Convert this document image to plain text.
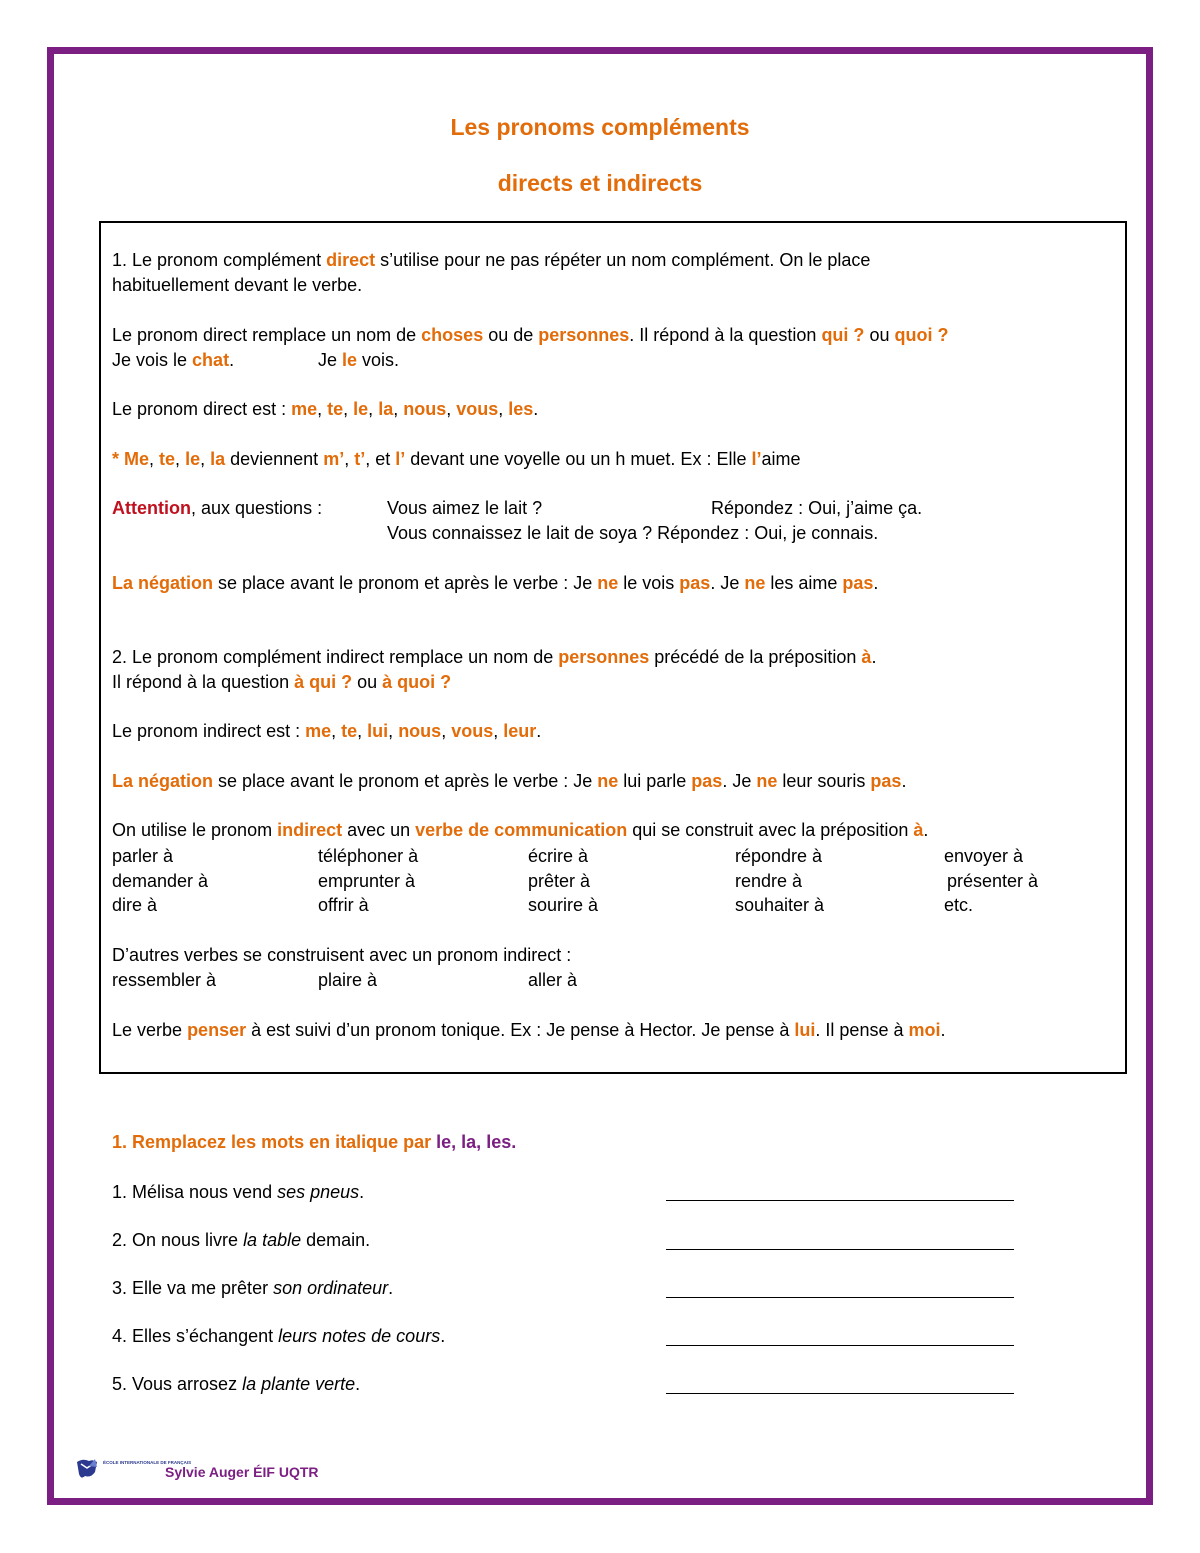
Les pronoms compléments
directs et indirects
1. Le pronom complément direct s’utilise pour ne pas répéter un nom complément. On le place
habituellement devant le verbe.
Le pronom direct remplace un nom de choses ou de personnes. Il répond à la question qui ? ou quoi ?
Je vois le chat.	Je le vois.
Le pronom direct est : me, te, le, la, nous, vous, les.
* Me, te, le, la deviennent m’, t’, et l’ devant une voyelle ou un h muet. Ex : Elle l’aime
Attention, aux questions :	Vous aimez le lait ?	Répondez : Oui, j’aime ça.
Vous connaissez le lait de soya ? Répondez : Oui, je connais.
La négation se place avant le pronom et après le verbe : Je ne le vois pas. Je ne les aime pas.
2. Le pronom complément indirect remplace un nom de personnes précédé de la préposition à.
Il répond à la question à qui ? ou à quoi ?
Le pronom indirect est : me, te, lui, nous, vous, leur.
La négation se place avant le pronom et après le verbe : Je ne lui parle pas. Je ne leur souris pas.
On utilise le pronom indirect avec un verbe de communication qui se construit avec la préposition à.
parler à	téléphoner à	écrire à	répondre à	envoyer à
demander à	emprunter à	prêter à	rendre à	présenter à
dire à	offrir à	sourire à	souhaiter à	etc.
D’autres verbes se construisent avec un pronom indirect :
ressembler à	plaire à	aller à
Le verbe penser à est suivi d’un pronom tonique. Ex : Je pense à Hector. Je pense à lui. Il pense à moi.
1. Remplacez les mots en italique par le, la, les.
1. Mélisa nous vend ses pneus.
2. On nous livre la table demain.
3. Elle va me prêter son ordinateur.
4. Elles s’échangent leurs notes de cours.
5. Vous arrosez la plante verte.
ÉCOLE INTERNATIONALE DE FRANÇAIS
Sylvie Auger ÉIF UQTR
